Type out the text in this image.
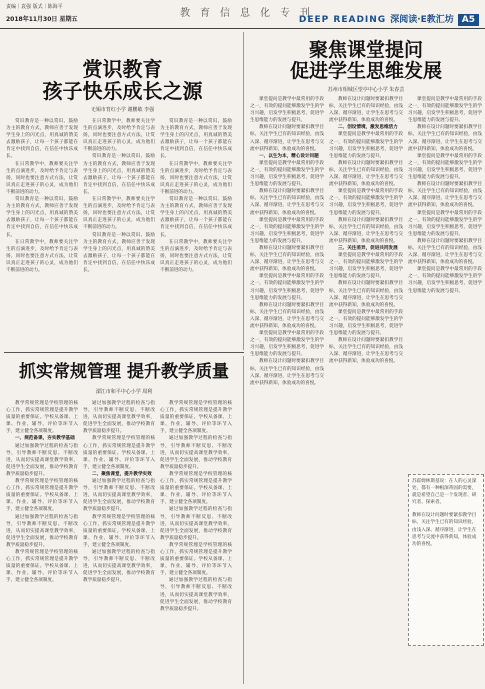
责编｜袁强 版式｜陈海平
2018年11月30日 星期五
教育信息化专刊
DEEP READING 深阅读·E教汇坊 A5
赏识教育
孩子快乐成长之源
无锡市育红小学 谢鹏敏 李强

赏识教育是一种以赏识、鼓励为主的教育方式，教师应善于发现学生身上的闪光点，用真诚的赞美去激励孩子，让每一个孩子都能在肯定中找到自信，在信任中快乐成长。

在日常教学中，教师要关注学生的点滴进步，及时给予肯定与表扬，同时也要注意方式方法，让赏识真正走进孩子的心灵，成为他们不断前进的动力。

赏识教育是一种以赏识、鼓励为主的教育方式，教师应善于发现学生身上的闪光点，用真诚的赞美去激励孩子，让每一个孩子都能在肯定中找到自信，在信任中快乐成长。

在日常教学中，教师要关注学生的点滴进步，及时给予肯定与表扬，同时也要注意方式方法，让赏识真正走进孩子的心灵，成为他们不断前进的动力。

在日常教学中，教师要关注学生的点滴进步，及时给予肯定与表扬，同时也要注意方式方法，让赏识真正走进孩子的心灵，成为他们不断前进的动力。

赏识教育是一种以赏识、鼓励为主的教育方式，教师应善于发现学生身上的闪光点，用真诚的赞美去激励孩子，让每一个孩子都能在肯定中找到自信，在信任中快乐成长。

在日常教学中，教师要关注学生的点滴进步，及时给予肯定与表扬，同时也要注意方式方法，让赏识真正走进孩子的心灵，成为他们不断前进的动力。

赏识教育是一种以赏识、鼓励为主的教育方式，教师应善于发现学生身上的闪光点，用真诚的赞美去激励孩子，让每一个孩子都能在肯定中找到自信，在信任中快乐成长。

赏识教育是一种以赏识、鼓励为主的教育方式，教师应善于发现学生身上的闪光点，用真诚的赞美去激励孩子，让每一个孩子都能在肯定中找到自信，在信任中快乐成长。

在日常教学中，教师要关注学生的点滴进步，及时给予肯定与表扬，同时也要注意方式方法，让赏识真正走进孩子的心灵，成为他们不断前进的动力。

赏识教育是一种以赏识、鼓励为主的教育方式，教师应善于发现学生身上的闪光点，用真诚的赞美去激励孩子，让每一个孩子都能在肯定中找到自信，在信任中快乐成长。

在日常教学中，教师要关注学生的点滴进步，及时给予肯定与表扬，同时也要注意方式方法，让赏识真正走进孩子的心灵，成为他们不断前进的动力。

聚焦课堂提问
促进学生思维发展
苏州市相城区望亭中心小学 朱春芸

课堂提问是教学中最常用的手段之一，有效的提问能够激发学生的学习兴趣，启发学生积极思考，促进学生思维能力的发展与提升。

教师在设计问题时要紧扣教学目标，关注学生已有的知识经验，由浅入深、循序渐进，让学生在思考与交流中获得新知，体验成功的喜悦。

一、以生为本，精心设计问题

课堂提问是教学中最常用的手段之一，有效的提问能够激发学生的学习兴趣，启发学生积极思考，促进学生思维能力的发展与提升。

教师在设计问题时要紧扣教学目标，关注学生已有的知识经验，由浅入深、循序渐进，让学生在思考与交流中获得新知，体验成功的喜悦。

课堂提问是教学中最常用的手段之一，有效的提问能够激发学生的学习兴趣，启发学生积极思考，促进学生思维能力的发展与提升。

教师在设计问题时要紧扣教学目标，关注学生已有的知识经验，由浅入深、循序渐进，让学生在思考与交流中获得新知，体验成功的喜悦。

课堂提问是教学中最常用的手段之一，有效的提问能够激发学生的学习兴趣，启发学生积极思考，促进学生思维能力的发展与提升。

教师在设计问题时要紧扣教学目标，关注学生已有的知识经验，由浅入深、循序渐进，让学生在思考与交流中获得新知，体验成功的喜悦。

课堂提问是教学中最常用的手段之一，有效的提问能够激发学生的学习兴趣，启发学生积极思考，促进学生思维能力的发展与提升。

教师在设计问题时要紧扣教学目标，关注学生已有的知识经验，由浅入深、循序渐进，让学生在思考与交流中获得新知，体验成功的喜悦。

教师在设计问题时要紧扣教学目标，关注学生已有的知识经验，由浅入深、循序渐进，让学生在思考与交流中获得新知，体验成功的喜悦。

二、创设情境，激发思维活力

课堂提问是教学中最常用的手段之一，有效的提问能够激发学生的学习兴趣，启发学生积极思考，促进学生思维能力的发展与提升。

教师在设计问题时要紧扣教学目标，关注学生已有的知识经验，由浅入深、循序渐进，让学生在思考与交流中获得新知，体验成功的喜悦。

课堂提问是教学中最常用的手段之一，有效的提问能够激发学生的学习兴趣，启发学生积极思考，促进学生思维能力的发展与提升。

教师在设计问题时要紧扣教学目标，关注学生已有的知识经验，由浅入深、循序渐进，让学生在思考与交流中获得新知，体验成功的喜悦。

三、关注差异，促进共同发展

课堂提问是教学中最常用的手段之一，有效的提问能够激发学生的学习兴趣，启发学生积极思考，促进学生思维能力的发展与提升。

教师在设计问题时要紧扣教学目标，关注学生已有的知识经验，由浅入深、循序渐进，让学生在思考与交流中获得新知，体验成功的喜悦。

课堂提问是教学中最常用的手段之一，有效的提问能够激发学生的学习兴趣，启发学生积极思考，促进学生思维能力的发展与提升。

教师在设计问题时要紧扣教学目标，关注学生已有的知识经验，由浅入深、循序渐进，让学生在思考与交流中获得新知，体验成功的喜悦。

课堂提问是教学中最常用的手段之一，有效的提问能够激发学生的学习兴趣，启发学生积极思考，促进学生思维能力的发展与提升。

教师在设计问题时要紧扣教学目标，关注学生已有的知识经验，由浅入深、循序渐进，让学生在思考与交流中获得新知，体验成功的喜悦。

课堂提问是教学中最常用的手段之一，有效的提问能够激发学生的学习兴趣，启发学生积极思考，促进学生思维能力的发展与提升。

教师在设计问题时要紧扣教学目标，关注学生已有的知识经验，由浅入深、循序渐进，让学生在思考与交流中获得新知，体验成功的喜悦。

课堂提问是教学中最常用的手段之一，有效的提问能够激发学生的学习兴趣，启发学生积极思考，促进学生思维能力的发展与提升。

教师在设计问题时要紧扣教学目标，关注学生已有的知识经验，由浅入深、循序渐进，让学生在思考与交流中获得新知，体验成功的喜悦。

课堂提问是教学中最常用的手段之一，有效的提问能够激发学生的学习兴趣，启发学生积极思考，促进学生思维能力的发展与提升。

苏霍姆林斯基说：在人的心灵深处，都有一种根深蒂固的需要，就是希望自己是一个发现者、研究者、探索者。
教师在设计问题时要紧扣教学目标，关注学生已有的知识经验，由浅入深、循序渐进，让学生在思考与交流中获得新知，体验成功的喜悦。
抓实常规管理 提升教学质量
溧江市和平中心小学 周利

教学常规管理是学校管理的核心工作，抓实常规管理是提升教学质量的重要保证。学校从备课、上课、作业、辅导、评价等环节入手，建立健全各项制度。

一、规范备课，夯实教学基础

通过加强教学过程的检查与指导，引导教师不断反思、不断改进，从而切实提高课堂教学效率，促进学生全面发展，推动学校教育教学质量稳步提升。

教学常规管理是学校管理的核心工作，抓实常规管理是提升教学质量的重要保证。学校从备课、上课、作业、辅导、评价等环节入手，建立健全各项制度。

通过加强教学过程的检查与指导，引导教师不断反思、不断改进，从而切实提高课堂教学效率，促进学生全面发展，推动学校教育教学质量稳步提升。

教学常规管理是学校管理的核心工作，抓实常规管理是提升教学质量的重要保证。学校从备课、上课、作业、辅导、评价等环节入手，建立健全各项制度。

通过加强教学过程的检查与指导，引导教师不断反思、不断改进，从而切实提高课堂教学效率，促进学生全面发展，推动学校教育教学质量稳步提升。

教学常规管理是学校管理的核心工作，抓实常规管理是提升教学质量的重要保证。学校从备课、上课、作业、辅导、评价等环节入手，建立健全各项制度。

二、聚焦课堂，提升教学实效

通过加强教学过程的检查与指导，引导教师不断反思、不断改进，从而切实提高课堂教学效率，促进学生全面发展，推动学校教育教学质量稳步提升。

教学常规管理是学校管理的核心工作，抓实常规管理是提升教学质量的重要保证。学校从备课、上课、作业、辅导、评价等环节入手，建立健全各项制度。

通过加强教学过程的检查与指导，引导教师不断反思、不断改进，从而切实提高课堂教学效率，促进学生全面发展，推动学校教育教学质量稳步提升。

教学常规管理是学校管理的核心工作，抓实常规管理是提升教学质量的重要保证。学校从备课、上课、作业、辅导、评价等环节入手，建立健全各项制度。

通过加强教学过程的检查与指导，引导教师不断反思、不断改进，从而切实提高课堂教学效率，促进学生全面发展，推动学校教育教学质量稳步提升。

教学常规管理是学校管理的核心工作，抓实常规管理是提升教学质量的重要保证。学校从备课、上课、作业、辅导、评价等环节入手，建立健全各项制度。

通过加强教学过程的检查与指导，引导教师不断反思、不断改进，从而切实提高课堂教学效率，促进学生全面发展，推动学校教育教学质量稳步提升。

教学常规管理是学校管理的核心工作，抓实常规管理是提升教学质量的重要保证。学校从备课、上课、作业、辅导、评价等环节入手，建立健全各项制度。

通过加强教学过程的检查与指导，引导教师不断反思、不断改进，从而切实提高课堂教学效率，促进学生全面发展，推动学校教育教学质量稳步提升。
